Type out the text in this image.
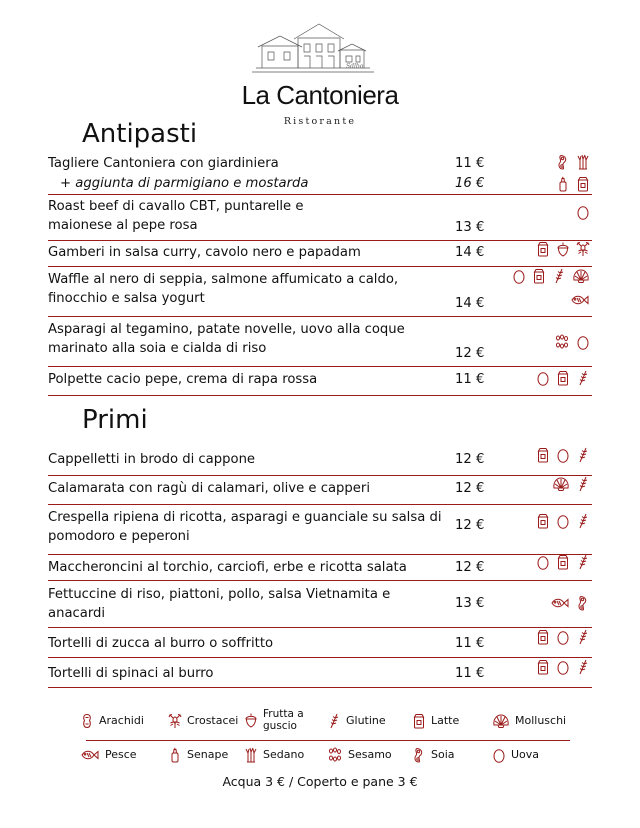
Sdlbo
La Cantoniera
Ristorante
Antipasti
Tagliere Cantoniera con giardiniera	11 €
+ aggiunta di parmigiano e mostarda	16 €
Roast beef di cavallo CBT, puntarelle e
maionese al pepe rosa	13 €
Gamberi in salsa curry, cavolo nero e papadam	14 €
Waffle al nero di seppia, salmone affumicato a caldo,
finocchio e salsa yogurt	14 €
Asparagi al tegamino, patate novelle, uovo alla coque
marinato alla soia e cialda di riso	12 €
Polpette cacio pepe, crema di rapa rossa	11 €
Cappelletti in brodo di cappone	12 €
Calamarata con ragù di calamari, olive e capperi	12 €
Crespella ripiena di ricotta, asparagi e guanciale su salsa di
pomodoro e peperoni
12 €
Maccheroncini al torchio, carciofi, erbe e ricotta salata	12 €
Fettuccine di riso, piattoni, pollo, salsa Vietnamita e
anacardi
13 €
Tortelli di zucca al burro o soffritto	11 €
Tortelli di spinaci al burro	11 €
Primi
Arachidi	Crostacei Frutta a guscio	Glutine	Latte	Molluschi
Pesce	Senape	Sedano	Sesamo	Soia	Uova
Acqua 3 € / Coperto e pane 3 €
